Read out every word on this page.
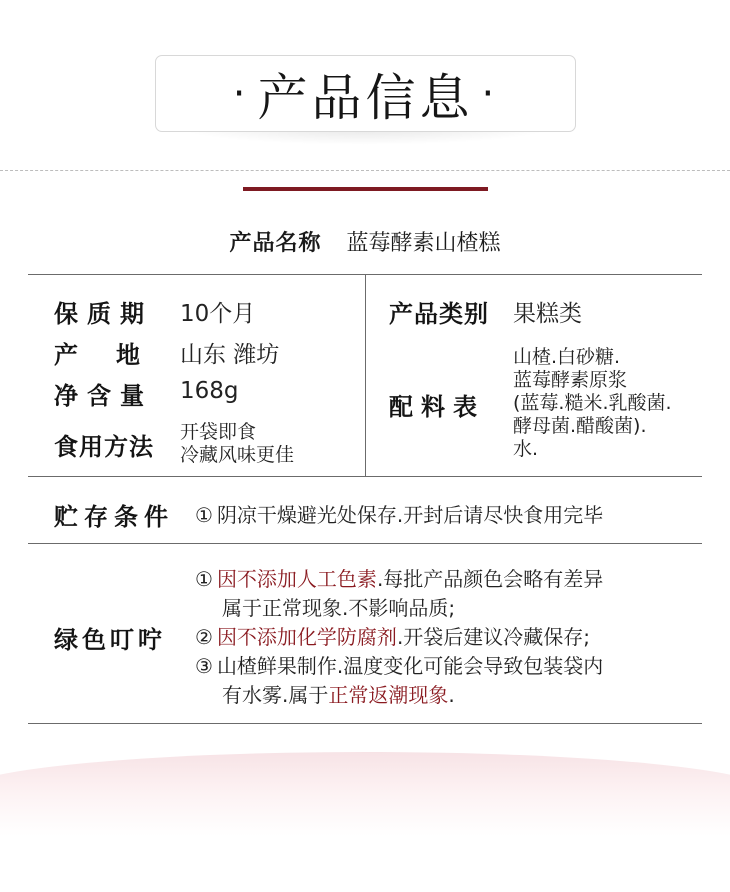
· 产品信息 ·
产品名称 蓝莓酵素山楂糕
保质期 10个月
产地 山东 潍坊
净含量 168g
食用方法
开袋即食
冷藏风味更佳
产品类别 果糕类
配料表
山楂.白砂糖.
蓝莓酵素原浆
(蓝莓.糙米.乳酸菌.
酵母菌.醋酸菌).
水.
贮存条件 ① 阴凉干燥避光处保存.开封后请尽快食用完毕
绿色叮咛
① 因不添加人工色素.每批产品颜色会略有差异
属于正常现象.不影响品质;
② 因不添加化学防腐剂.开袋后建议冷藏保存;
③ 山楂鲜果制作.温度变化可能会导致包装袋内
有水雾.属于正常返潮现象.
